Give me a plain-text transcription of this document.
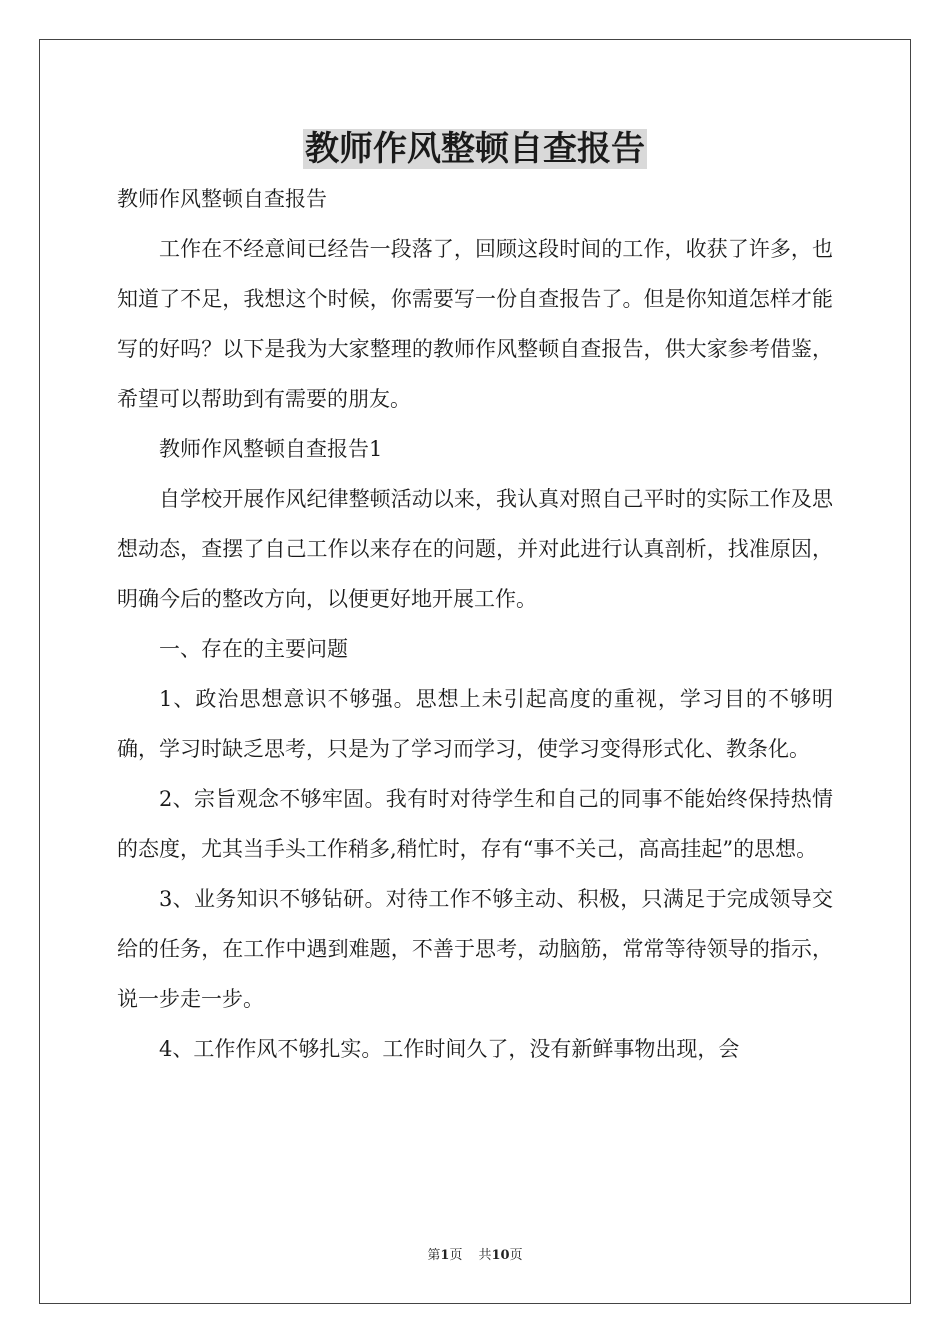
教师作风整顿自查报告

教师作风整顿自查报告

工作在不经意间已经告一段落了，回顾这段时间的工作，收获了许多，也知道了不足，我想这个时候，你需要写一份自查报告了。但是你知道怎样才能写的好吗？以下是我为大家整理的教师作风整顿自查报告，供大家参考借鉴，希望可以帮助到有需要的朋友。

教师作风整顿自查报告1

自学校开展作风纪律整顿活动以来，我认真对照自己平时的实际工作及思想动态，查摆了自己工作以来存在的问题，并对此进行认真剖析，找准原因，明确今后的整改方向，以便更好地开展工作。

一、存在的主要问题

1、政治思想意识不够强。思想上未引起高度的重视，学习目的不够明确，学习时缺乏思考，只是为了学习而学习，使学习变得形式化、教条化。

2、宗旨观念不够牢固。我有时对待学生和自己的同事不能始终保持热情的态度，尤其当手头工作稍多,稍忙时，存有“事不关己，高高挂起”的思想。

3、业务知识不够钻研。对待工作不够主动、积极，只满足于完成领导交给的任务，在工作中遇到难题，不善于思考，动脑筋，常常等待领导的指示，说一步走一步。

4、工作作风不够扎实。工作时间久了，没有新鲜事物出现，会

第1页 共10页
